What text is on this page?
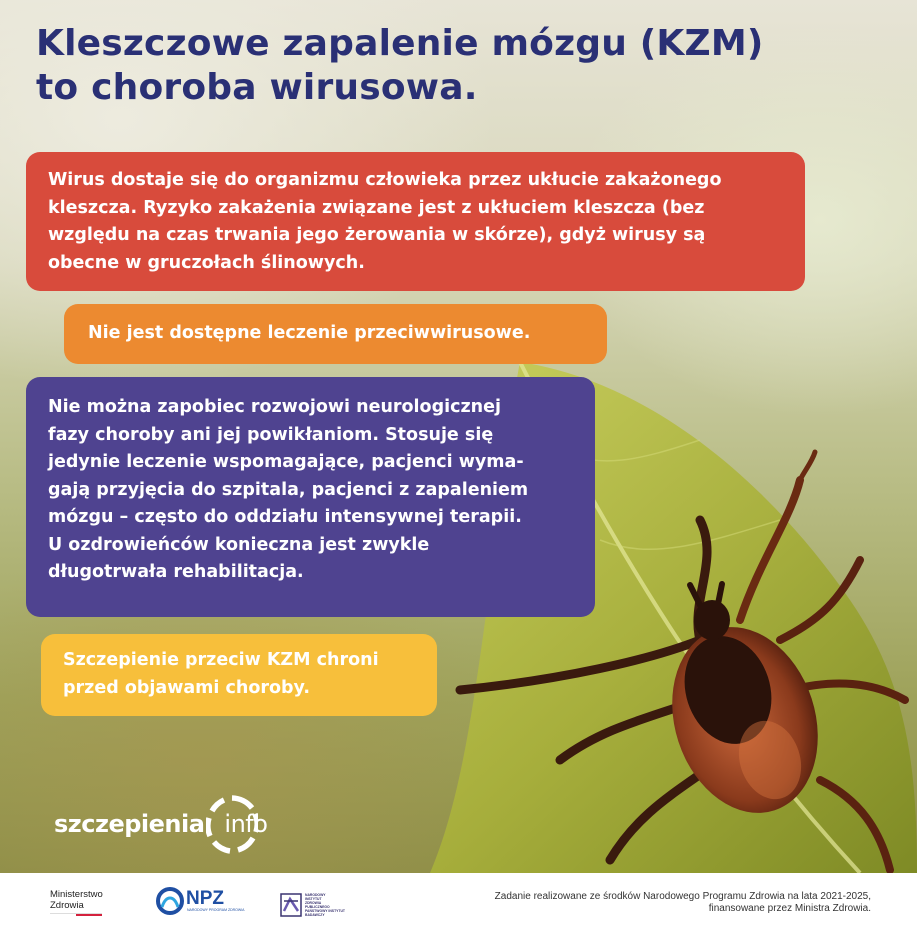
Kleszczowe zapalenie mózgu (KZM)
to choroba wirusowa.
Wirus dostaje się do organizmu człowieka przez ukłucie zakażonego
kleszcza. Ryzyko zakażenia związane jest z ukłuciem kleszcza (bez
względu na czas trwania jego żerowania w skórze), gdyż wirusy są
obecne w gruczołach ślinowych.
Nie jest dostępne leczenie przeciwwirusowe.
Nie można zapobiec rozwojowi neurologicznej
fazy choroby ani jej powikłaniom. Stosuje się
jedynie leczenie wspomagające, pacjenci wyma-
gają przyjęcia do szpitala, pacjenci z zapaleniem
mózgu – często do oddziału intensywnej terapii.
U ozdrowieńców konieczna jest zwykle
długotrwała rehabilitacja.
Szczepienie przeciw KZM chroni
przed objawami choroby.
szczepienia info
Ministerstwo
Zdrowia	NPZ
NARODOWY PROGRAM ZDROWIA
NARODOWY
INSTYTUT
ZDROWIA
PUBLICZNEGO
PAŃSTWOWY INSTYTUT
BADAWCZY
Zadanie realizowane ze środków Narodowego Programu Zdrowia na lata 2021-2025,
finansowane przez Ministra Zdrowia.
